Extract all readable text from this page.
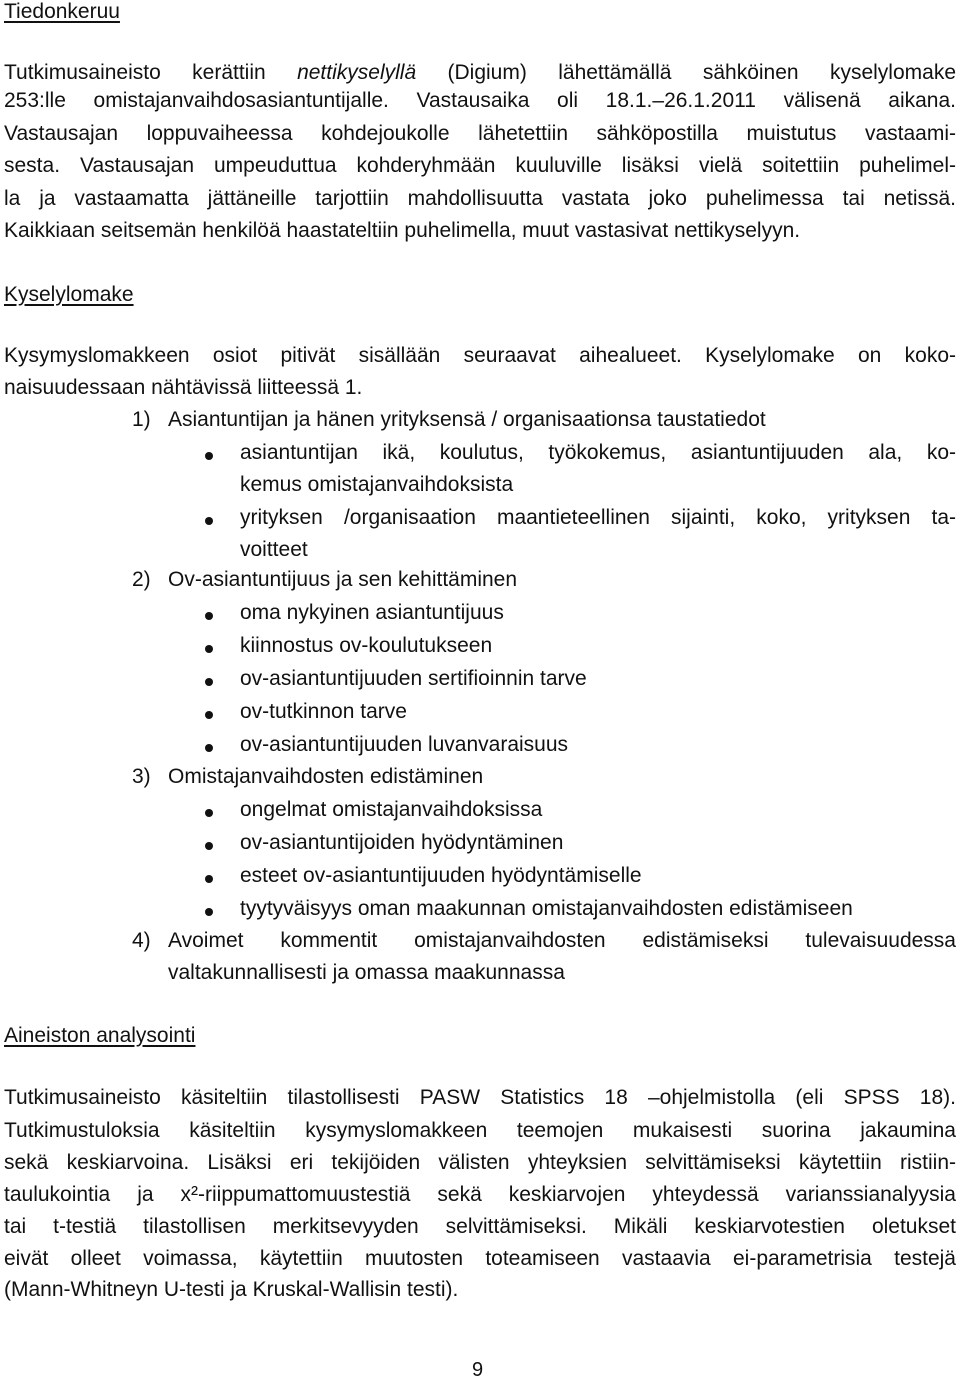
Tiedonkeruu
Tutkimusaineisto kerättiin nettikyselyllä (Digium) lähettämällä sähköinen kyselylomake
253:lle omistajanvaihdosasiantuntijalle. Vastausaika oli 18.1.–26.1.2011 välisenä aikana.
Vastausajan loppuvaiheessa kohdejoukolle lähetettiin sähköpostilla muistutus vastaami-
sesta. Vastausajan umpeuduttua kohderyhmään kuuluville lisäksi vielä soitettiin puhelimel-
la ja vastaamatta jättäneille tarjottiin mahdollisuutta vastata joko puhelimessa tai netissä.
Kaikkiaan seitsemän henkilöä haastateltiin puhelimella, muut vastasivat nettikyselyyn.
Kyselylomake
Kysymyslomakkeen osiot pitivät sisällään seuraavat aihealueet. Kyselylomake on koko-
naisuudessaan nähtävissä liitteessä 1.
1) Asiantuntijan ja hänen yrityksensä / organisaationsa taustatiedot
asiantuntijan ikä, koulutus, työkokemus, asiantuntijuuden ala, ko-
kemus omistajanvaihdoksista
yrityksen /organisaation maantieteellinen sijainti, koko, yrityksen ta-
voitteet
2) Ov-asiantuntijuus ja sen kehittäminen
oma nykyinen asiantuntijuus
kiinnostus ov-koulutukseen
ov-asiantuntijuuden sertifioinnin tarve
ov-tutkinnon tarve
ov-asiantuntijuuden luvanvaraisuus
3) Omistajanvaihdosten edistäminen
ongelmat omistajanvaihdoksissa
ov-asiantuntijoiden hyödyntäminen
esteet ov-asiantuntijuuden hyödyntämiselle
tyytyväisyys oman maakunnan omistajanvaihdosten edistämiseen
4) Avoimet kommentit omistajanvaihdosten edistämiseksi tulevaisuudessa
valtakunnallisesti ja omassa maakunnassa
Aineiston analysointi
Tutkimusaineisto käsiteltiin tilastollisesti PASW Statistics 18 –ohjelmistolla (eli SPSS 18).
Tutkimustuloksia käsiteltiin kysymyslomakkeen teemojen mukaisesti suorina jakaumina
sekä keskiarvoina. Lisäksi eri tekijöiden välisten yhteyksien selvittämiseksi käytettiin ristiin-
taulukointia ja x²-riippumattomuustestiä sekä keskiarvojen yhteydessä varianssianalyysia
tai t-testiä tilastollisen merkitsevyyden selvittämiseksi. Mikäli keskiarvotestien oletukset
eivät olleet voimassa, käytettiin muutosten toteamiseen vastaavia ei-parametrisia testejä
(Mann-Whitneyn U-testi ja Kruskal-Wallisin testi).
9
